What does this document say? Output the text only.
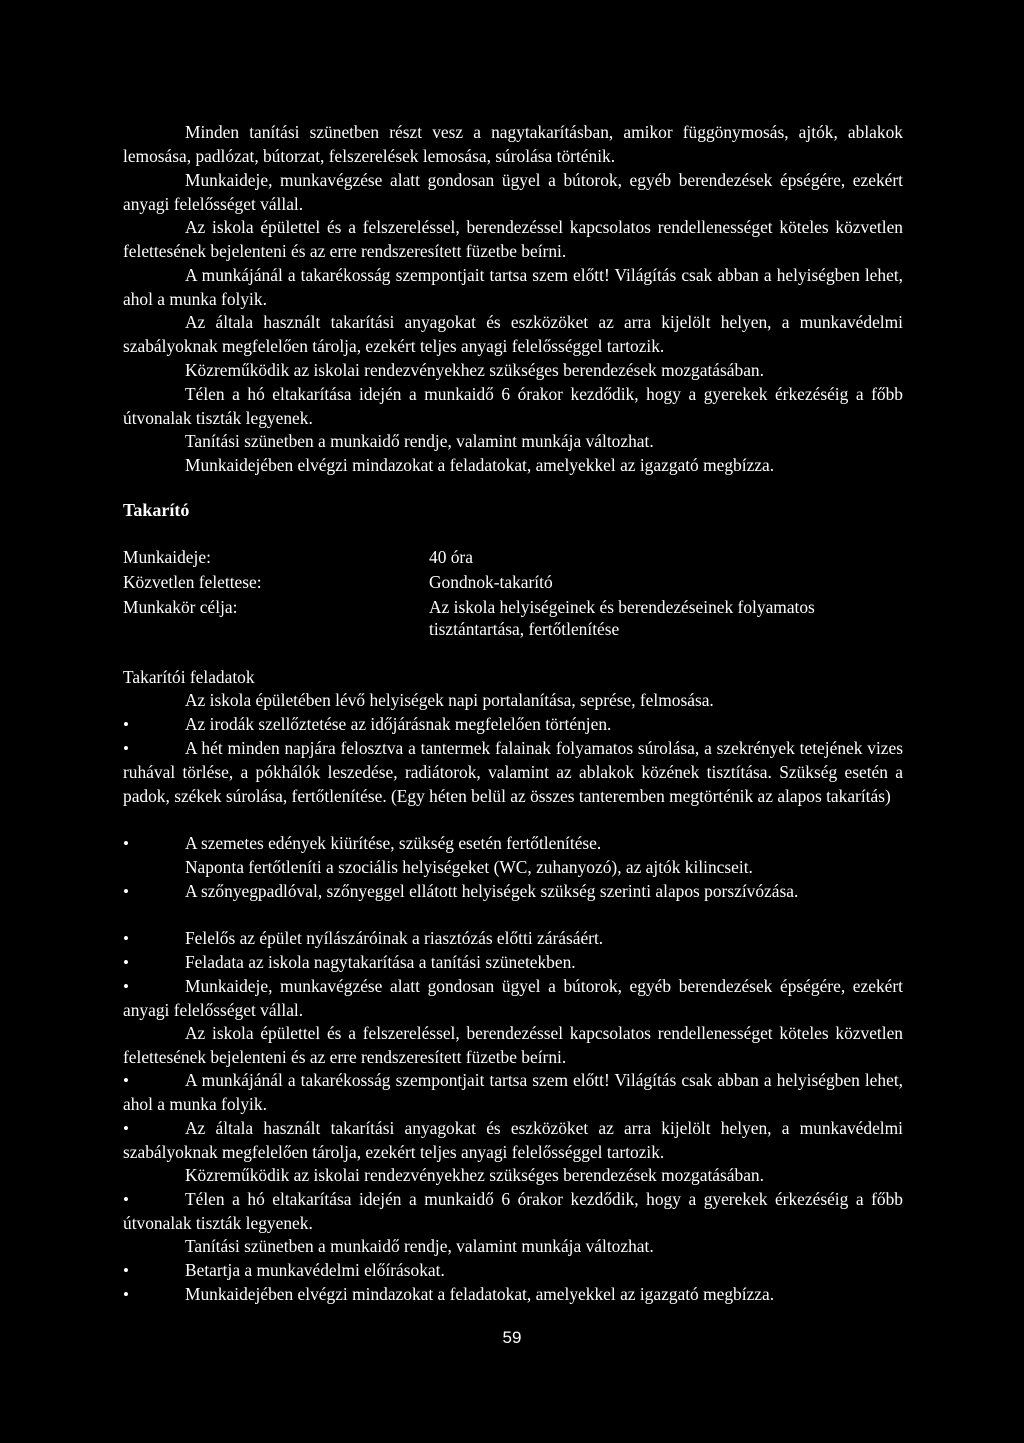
Minden tanítási szünetben részt vesz a nagytakarításban, amikor függönymosás, ajtók, ablakok lemosása, padlózat, bútorzat, felszerelések lemosása, súrolása történik.

Munkaideje, munkavégzése alatt gondosan ügyel a bútorok, egyéb berendezések épségére, ezekért anyagi felelősséget vállal.

Az iskola épülettel és a felszereléssel, berendezéssel kapcsolatos rendellenességet köteles közvetlen felettesének bejelenteni és az erre rendszeresített füzetbe beírni.

A munkájánál a takarékosság szempontjait tartsa szem előtt! Világítás csak abban a helyiségben lehet, ahol a munka folyik.

Az általa használt takarítási anyagokat és eszközöket az arra kijelölt helyen, a munkavédelmi szabályoknak megfelelően tárolja, ezekért teljes anyagi felelősséggel tartozik.

Közreműködik az iskolai rendezvényekhez szükséges berendezések mozgatásában.

Télen a hó eltakarítása idején a munkaidő 6 órakor kezdődik, hogy a gyerekek érkezéséig a főbb útvonalak tiszták legyenek.

Tanítási szünetben a munkaidő rendje, valamint munkája változhat.

Munkaidejében elvégzi mindazokat a feladatokat, amelyekkel az igazgató megbízza.

Takarító
Munkaideje:	40 óra
Közvetlen felettese:	Gondnok-takarító
Munkakör célja:	Az iskola helyiségeinek és berendezéseinek folyamatos tisztántartása, fertőtlenítése
Takarítói feladatok

Az iskola épületében lévő helyiségek napi portalanítása, seprése, felmosása.

•	Az irodák szellőztetése az időjárásnak megfelelően történjen.

•	A hét minden napjára felosztva a tantermek falainak folyamatos súrolása, a szekrények tetejének vizes ruhával törlése, a pókhálók leszedése, radiátorok, valamint az ablakok közének tisztítása. Szükség esetén a padok, székek súrolása, fertőtlenítése. (Egy héten belül az összes tanteremben megtörténik az alapos takarítás)

•	A szemetes edények kiürítése, szükség esetén fertőtlenítése.

Naponta fertőtleníti a szociális helyiségeket (WC, zuhanyozó), az ajtók kilincseit.

•	A szőnyegpadlóval, szőnyeggel ellátott helyiségek szükség szerinti alapos porszívózása.

•	Felelős az épület nyílászáróinak a riasztózás előtti zárásáért.

•	Feladata az iskola nagytakarítása a tanítási szünetekben.

•	Munkaideje, munkavégzése alatt gondosan ügyel a bútorok, egyéb berendezések épségére, ezekért anyagi felelősséget vállal.

Az iskola épülettel és a felszereléssel, berendezéssel kapcsolatos rendellenességet köteles közvetlen felettesének bejelenteni és az erre rendszeresített füzetbe beírni.

•	A munkájánál a takarékosság szempontjait tartsa szem előtt! Világítás csak abban a helyiségben lehet, ahol a munka folyik.

•	Az általa használt takarítási anyagokat és eszközöket az arra kijelölt helyen, a munkavédelmi szabályoknak megfelelően tárolja, ezekért teljes anyagi felelősséggel tartozik.

Közreműködik az iskolai rendezvényekhez szükséges berendezések mozgatásában.

•	Télen a hó eltakarítása idején a munkaidő 6 órakor kezdődik, hogy a gyerekek érkezéséig a főbb útvonalak tiszták legyenek.

Tanítási szünetben a munkaidő rendje, valamint munkája változhat.

•	Betartja a munkavédelmi előírásokat.

•	Munkaidejében elvégzi mindazokat a feladatokat, amelyekkel az igazgató megbízza.

59
